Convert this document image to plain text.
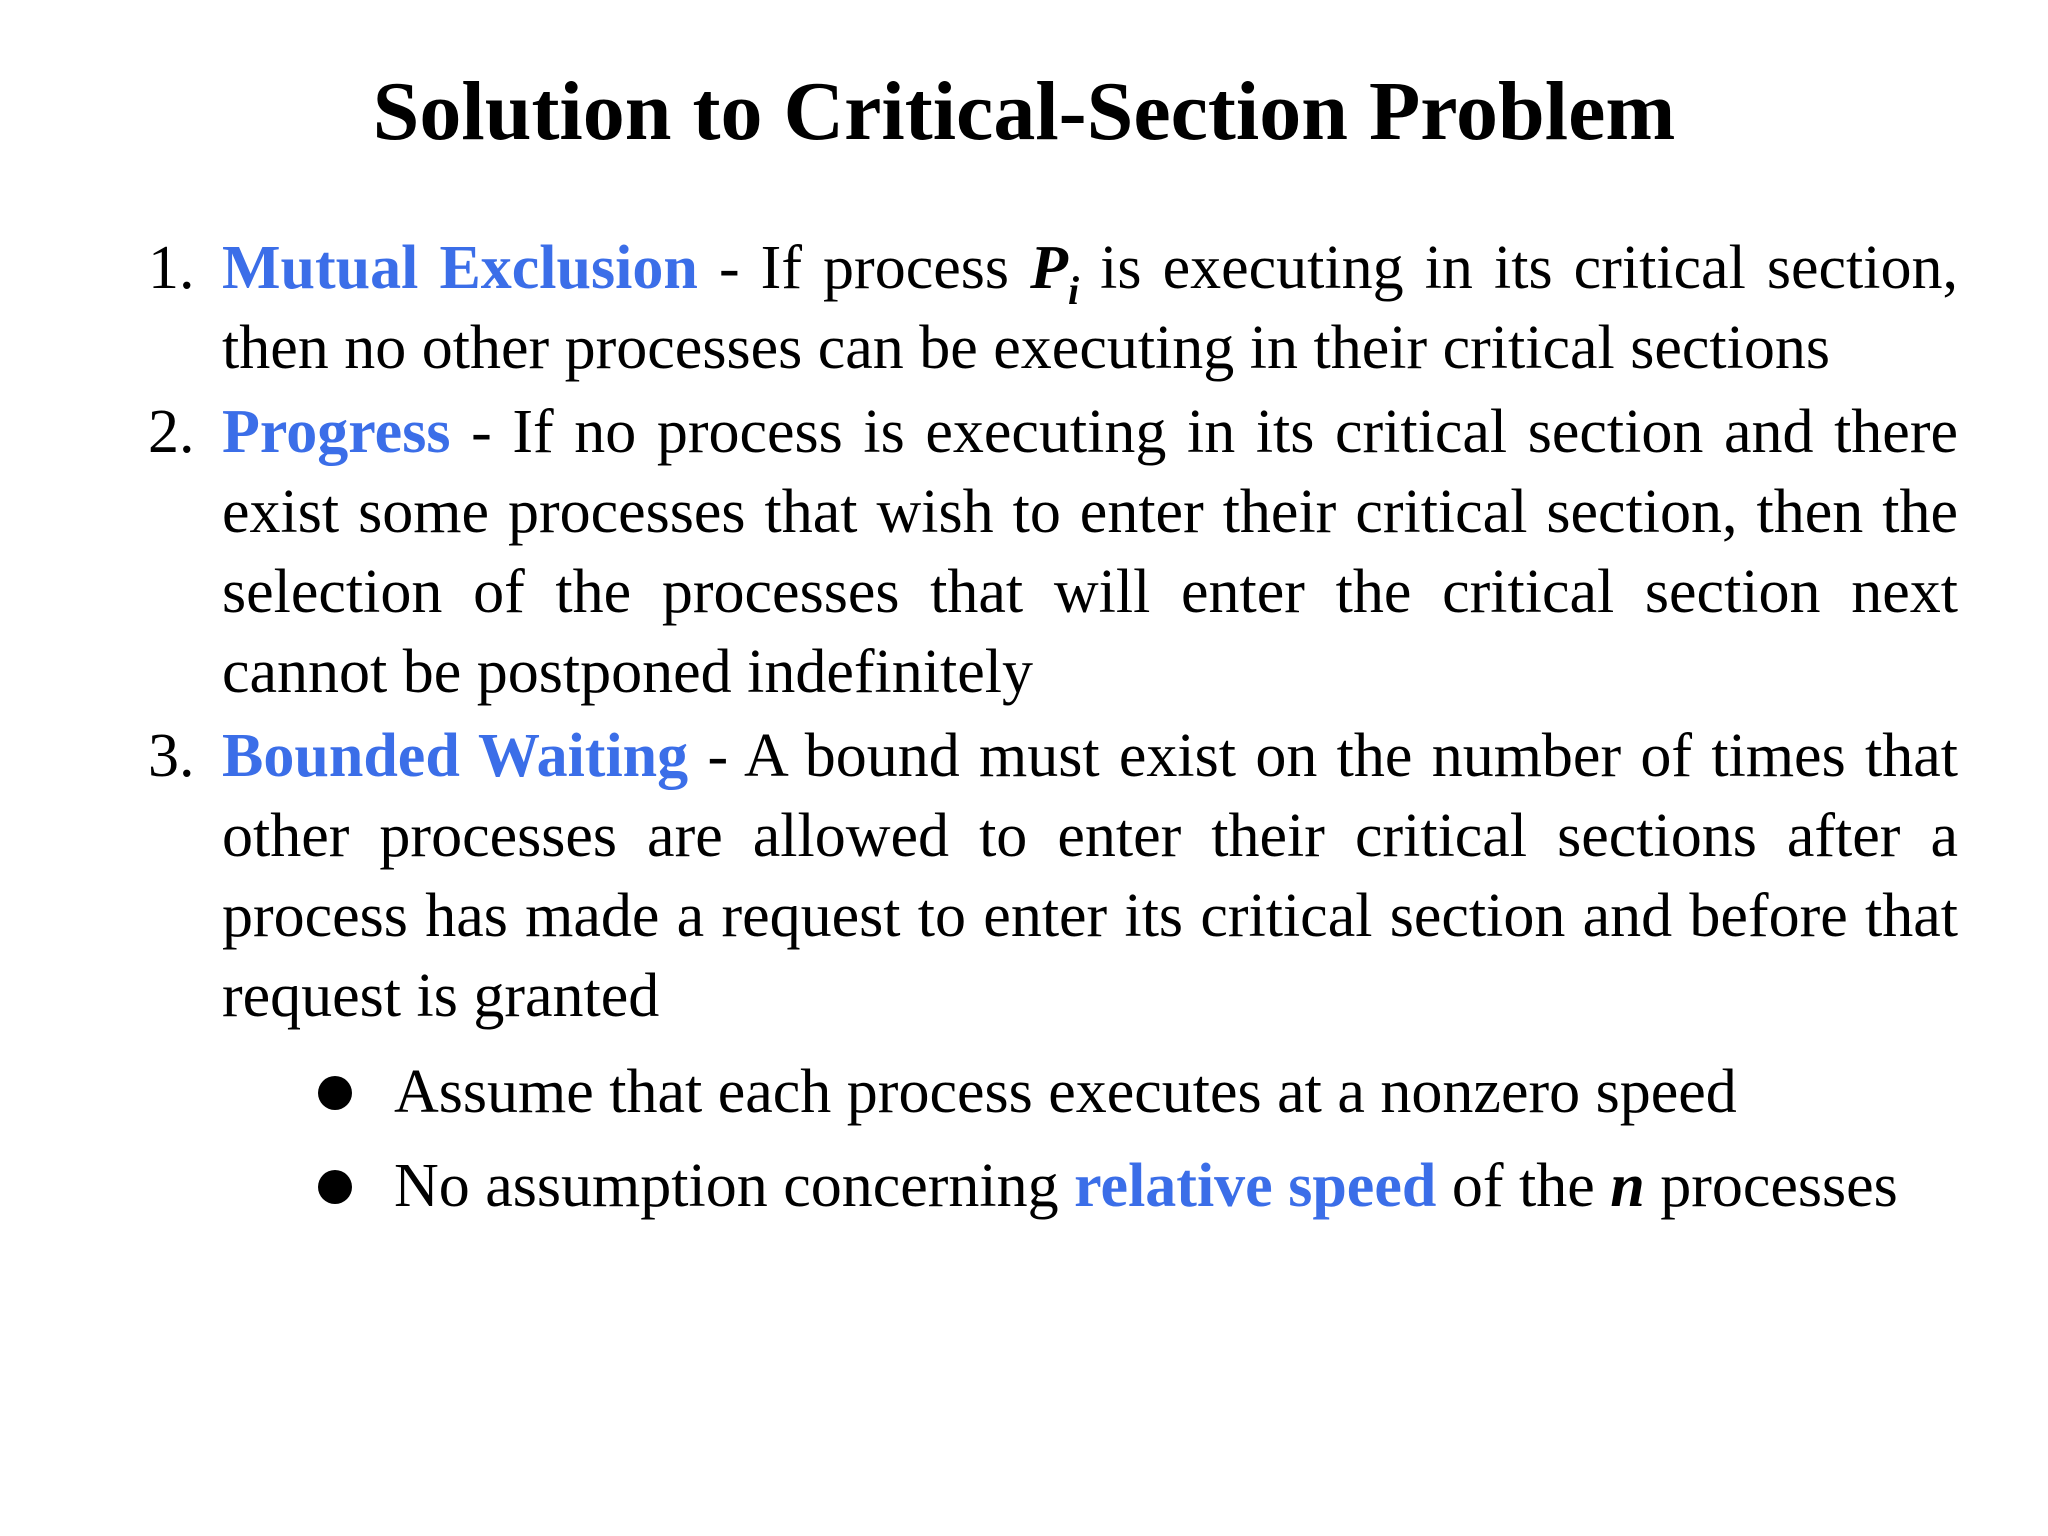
Solution to Critical-Section Problem
1. Mutual Exclusion - If process $P_i$ is executing in its critical section, then no other processes can be executing in their critical sections
2. Progress - If no process is executing in its critical section and there exist some processes that wish to enter their critical section, then the selection of the processes that will enter the critical section next cannot be postponed indefinitely
3. Bounded Waiting - A bound must exist on the number of times that other processes are allowed to enter their critical sections after a process has made a request to enter its critical section and before that request is granted
Assume that each process executes at a nonzero speed
No assumption concerning relative speed of the n processes
